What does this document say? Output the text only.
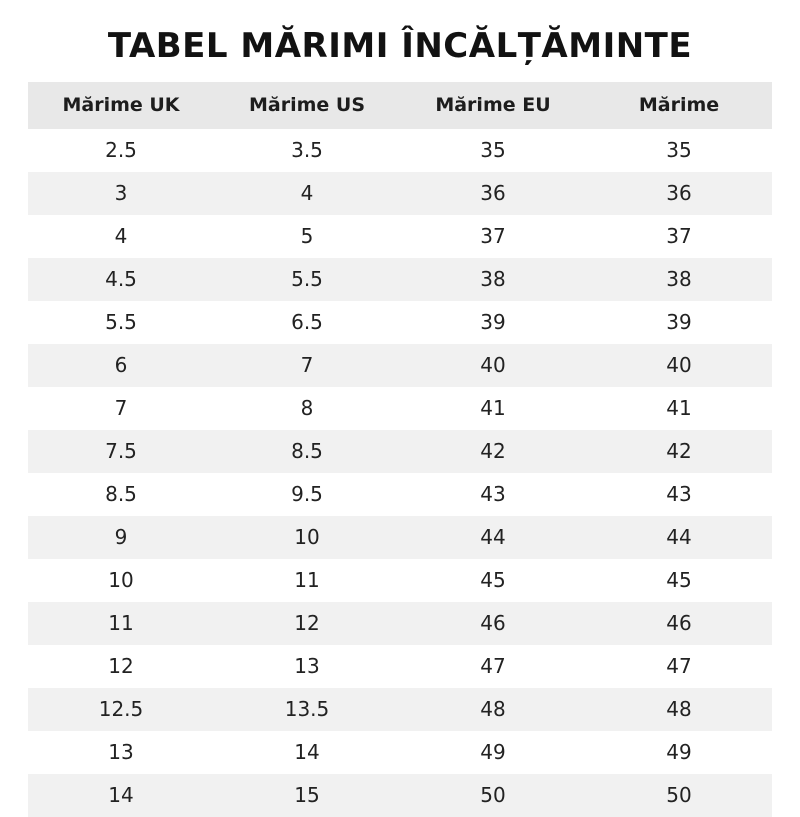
TABEL MĂRIMI ÎNCĂLȚĂMINTE
Mărime UK	Mărime US	Mărime EU	Mărime
2.5	3.5	35	35
3	4	36	36
4	5	37	37
4.5	5.5	38	38
5.5	6.5	39	39
6	7	40	40
7	8	41	41
7.5	8.5	42	42
8.5	9.5	43	43
9	10	44	44
10	11	45	45
11	12	46	46
12	13	47	47
12.5	13.5	48	48
13	14	49	49
14	15	50	50
